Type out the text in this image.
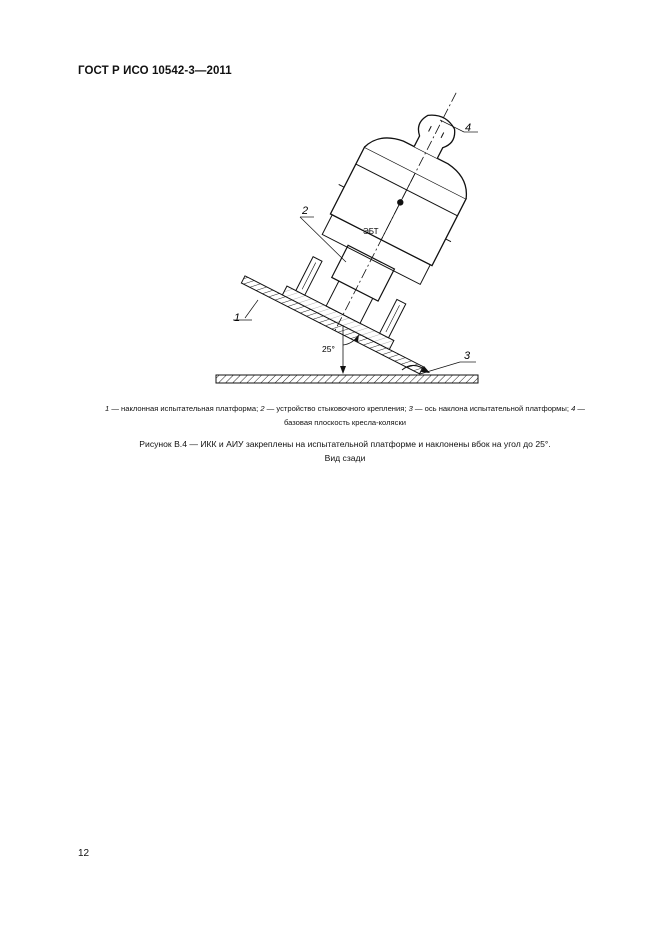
ГОСТ Р ИСО 10542-3—2011
25°
ЭБТ
1
2
3
4
1 — наклонная испытательная платформа; 2 — устройство стыковочного крепления; 3 — ось наклона испытательной платформы; 4 — базовая плоскость кресла-коляски
Рисунок В.4 — ИКК и АИУ закреплены на испытательной платформе и наклонены вбок на угол до 25°.
Вид сзади
12
